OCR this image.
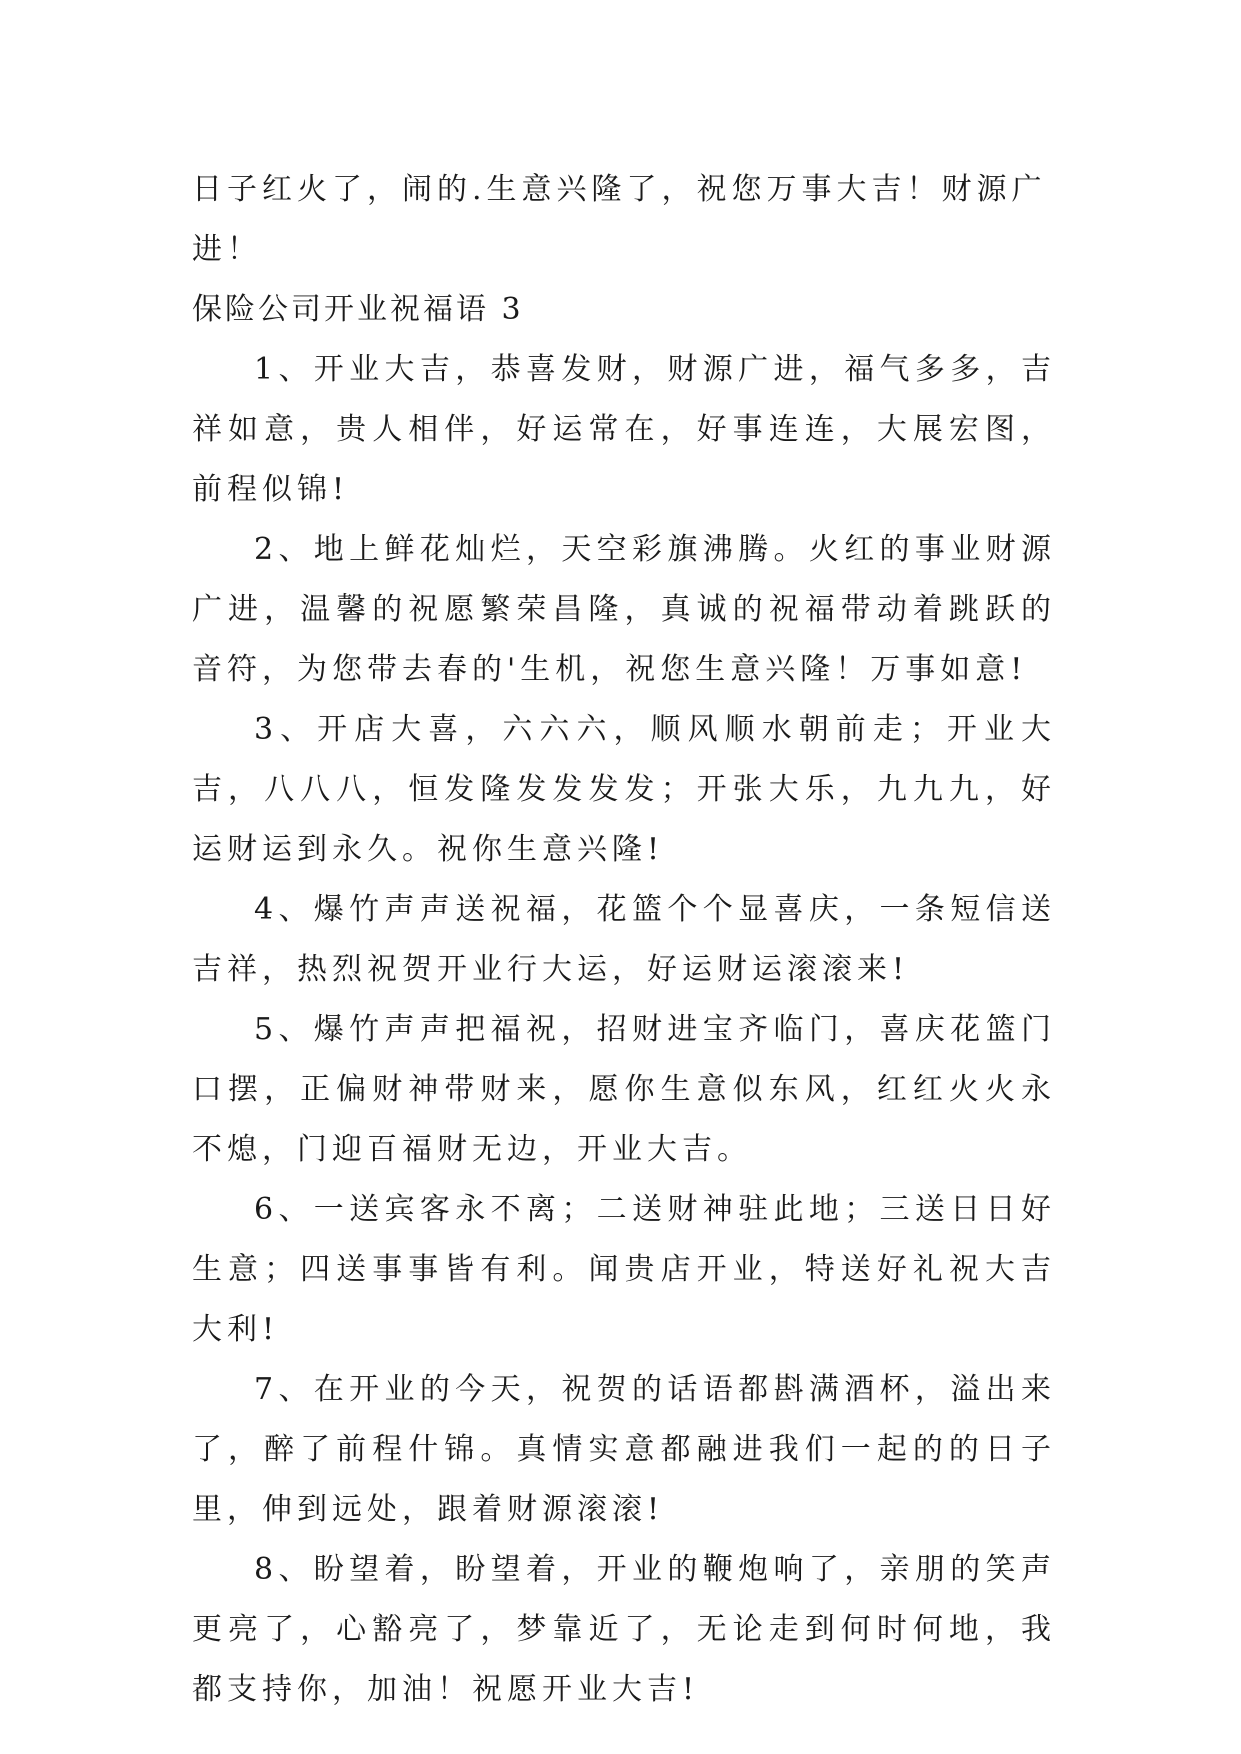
日子红火了，闹的.生意兴隆了，祝您万事大吉！财源广进！

保险公司开业祝福语 3

1、开业大吉，恭喜发财，财源广进，福气多多，吉祥如意，贵人相伴，好运常在，好事连连，大展宏图，前程似锦!

2、地上鲜花灿烂，天空彩旗沸腾。火红的事业财源广进，温馨的祝愿繁荣昌隆，真诚的祝福带动着跳跃的音符，为您带去春的'生机，祝您生意兴隆！万事如意!

3、开店大喜，六六六，顺风顺水朝前走；开业大吉，八八八，恒发隆发发发发；开张大乐，九九九，好运财运到永久。祝你生意兴隆!

4、爆竹声声送祝福，花篮个个显喜庆，一条短信送吉祥，热烈祝贺开业行大运，好运财运滚滚来!

5、爆竹声声把福祝，招财进宝齐临门，喜庆花篮门口摆，正偏财神带财来，愿你生意似东风，红红火火永不熄，门迎百福财无边，开业大吉。

6、一送宾客永不离；二送财神驻此地；三送日日好生意；四送事事皆有利。闻贵店开业，特送好礼祝大吉大利!

7、在开业的今天，祝贺的话语都斟满酒杯，溢出来了，醉了前程什锦。真情实意都融进我们一起的的日子里，伸到远处，跟着财源滚滚!

8、盼望着，盼望着，开业的鞭炮响了，亲朋的笑声更亮了，心豁亮了，梦靠近了，无论走到何时何地，我都支持你，加油！祝愿开业大吉!
